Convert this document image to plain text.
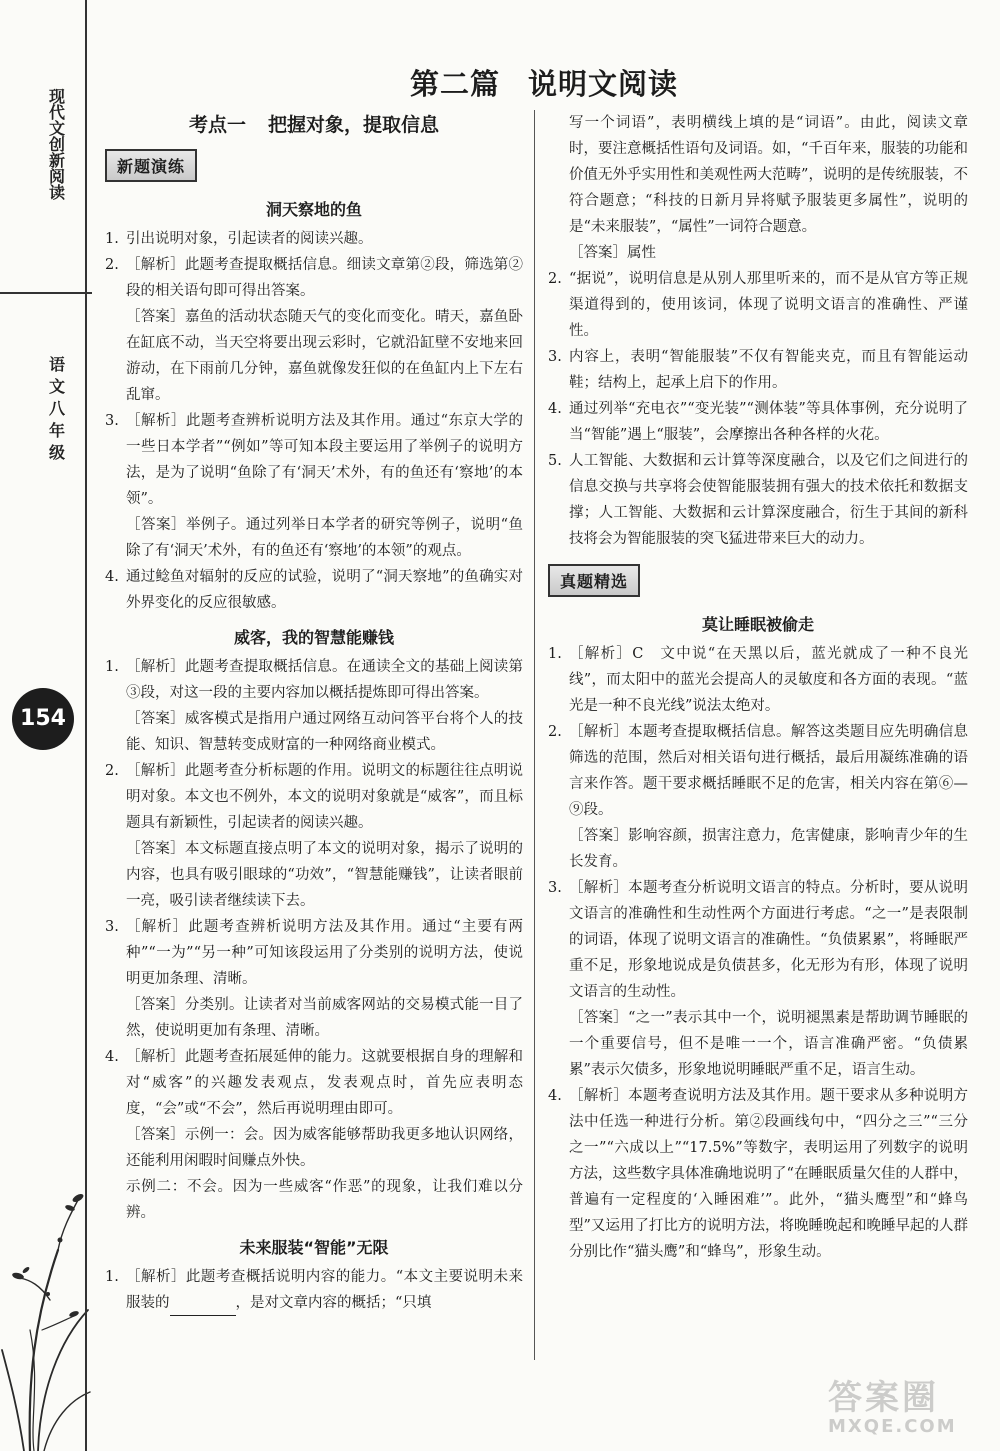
现代文创新阅读
语文八年级
154
第二篇 说明文阅读
考点一 把握对象，提取信息
新题演练
洞天察地的鱼
1. 引出说明对象，引起读者的阅读兴趣。
2. ［解析］此题考查提取概括信息。细读文章第②段，筛选第②段的相关语句即可得出答案。
［答案］嘉鱼的活动状态随天气的变化而变化。晴天，嘉鱼卧在缸底不动，当天空将要出现云彩时，它就沿缸壁不安地来回游动，在下雨前几分钟，嘉鱼就像发狂似的在鱼缸内上下左右乱窜。
3. ［解析］此题考查辨析说明方法及其作用。通过“东京大学的一些日本学者”“例如”等可知本段主要运用了举例子的说明方法，是为了说明“鱼除了有‘洞天’术外，有的鱼还有‘察地’的本领”。
［答案］举例子。通过列举日本学者的研究等例子，说明“鱼除了有‘洞天’术外，有的鱼还有‘察地’的本领”的观点。
4. 通过鲶鱼对辐射的反应的试验，说明了“洞天察地”的鱼确实对外界变化的反应很敏感。
威客，我的智慧能赚钱
1. ［解析］此题考查提取概括信息。在通读全文的基础上阅读第③段，对这一段的主要内容加以概括提炼即可得出答案。
［答案］威客模式是指用户通过网络互动问答平台将个人的技能、知识、智慧转变成财富的一种网络商业模式。
2. ［解析］此题考查分析标题的作用。说明文的标题往往点明说明对象。本文也不例外，本文的说明对象就是“威客”，而且标题具有新颖性，引起读者的阅读兴趣。
［答案］本文标题直接点明了本文的说明对象，揭示了说明的内容，也具有吸引眼球的“功效”，“智慧能赚钱”，让读者眼前一亮，吸引读者继续读下去。
3. ［解析］此题考查辨析说明方法及其作用。通过“主要有两种”“一为”“另一种”可知该段运用了分类别的说明方法，使说明更加条理、清晰。
［答案］分类别。让读者对当前威客网站的交易模式能一目了然，使说明更加有条理、清晰。
4. ［解析］此题考查拓展延伸的能力。这就要根据自身的理解和对“威客”的兴趣发表观点，发表观点时，首先应表明态度，“会”或“不会”，然后再说明理由即可。
［答案］示例一：会。因为威客能够帮助我更多地认识网络，还能利用闲暇时间赚点外快。
示例二：不会。因为一些威客“作恶”的现象，让我们难以分辨。
未来服装“智能”无限
1. ［解析］此题考查概括说明内容的能力。“本文主要说明未来服装的	，是对文章内容的概括；“只填
写一个词语”，表明横线上填的是“词语”。由此，阅读文章时，要注意概括性语句及词语。如，“千百年来，服装的功能和价值无外乎实用性和美观性两大范畴”，说明的是传统服装，不符合题意；“科技的日新月异将赋予服装更多属性”，说明的是“未来服装”，“属性”一词符合题意。
［答案］属性
2. “据说”，说明信息是从别人那里听来的，而不是从官方等正规渠道得到的，使用该词，体现了说明文语言的准确性、严谨性。
3. 内容上，表明“智能服装”不仅有智能夹克，而且有智能运动鞋；结构上，起承上启下的作用。
4. 通过列举“充电衣”“变光装”“测体装”等具体事例，充分说明了当“智能”遇上“服装”，会摩擦出各种各样的火花。
5. 人工智能、大数据和云计算等深度融合，以及它们之间进行的信息交换与共享将会使智能服装拥有强大的技术依托和数据支撑；人工智能、大数据和云计算深度融合，衍生于其间的新科技将会为智能服装的突飞猛进带来巨大的动力。
真题精选
莫让睡眠被偷走
1. ［解析］C　文中说“在天黑以后，蓝光就成了一种不良光线”，而太阳中的蓝光会提高人的灵敏度和各方面的表现。“蓝光是一种不良光线”说法太绝对。
2. ［解析］本题考查提取概括信息。解答这类题目应先明确信息筛选的范围，然后对相关语句进行概括，最后用凝练准确的语言来作答。题干要求概括睡眠不足的危害，相关内容在第⑥—⑨段。
［答案］影响容颜，损害注意力，危害健康，影响青少年的生长发育。
3. ［解析］本题考查分析说明文语言的特点。分析时，要从说明文语言的准确性和生动性两个方面进行考虑。“之一”是表限制的词语，体现了说明文语言的准确性。“负债累累”，将睡眠严重不足，形象地说成是负债甚多，化无形为有形，体现了说明文语言的生动性。
［答案］“之一”表示其中一个，说明褪黑素是帮助调节睡眠的一个重要信号，但不是唯一一个，语言准确严密。“负债累累”表示欠债多，形象地说明睡眠严重不足，语言生动。
4. ［解析］本题考查说明方法及其作用。题干要求从多种说明方法中任选一种进行分析。第②段画线句中，“四分之三”“三分之一”“六成以上”“17.5%”等数字，表明运用了列数字的说明方法，这些数字具体准确地说明了“在睡眠质量欠佳的人群中，普遍有一定程度的‘入睡困难’”。此外，“猫头鹰型”和“蜂鸟型”又运用了打比方的说明方法，将晚睡晚起和晚睡早起的人群分别比作“猫头鹰”和“蜂鸟”，形象生动。
答案圈
MXQE.COM
